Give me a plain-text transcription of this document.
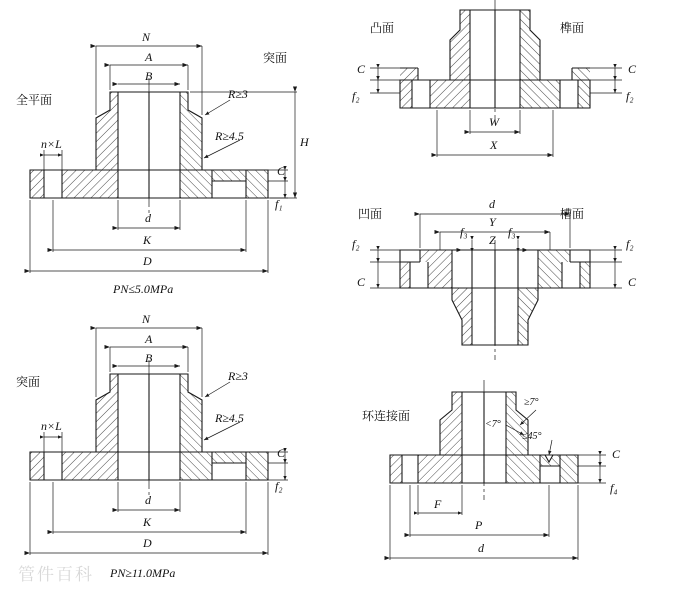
全平面
突面
N
A
B
n×L
R≥3
R≥4.5	H
C
f₁
d
K
D
PN≤5.0MPa
突面
N
A
B
n×L
R≥3
R≥4.5
C
f₂
d
K
D
PN≥11.0MPa
凸面	榫面
C
f₂
C
f₂
W
X
凹面	槽面
d
Y
Z
f₂
C
f₂
C
f₃	f₃
环连接面
≥7°
<7°
≤45°
C
f₄
F
P
d
管件百科
